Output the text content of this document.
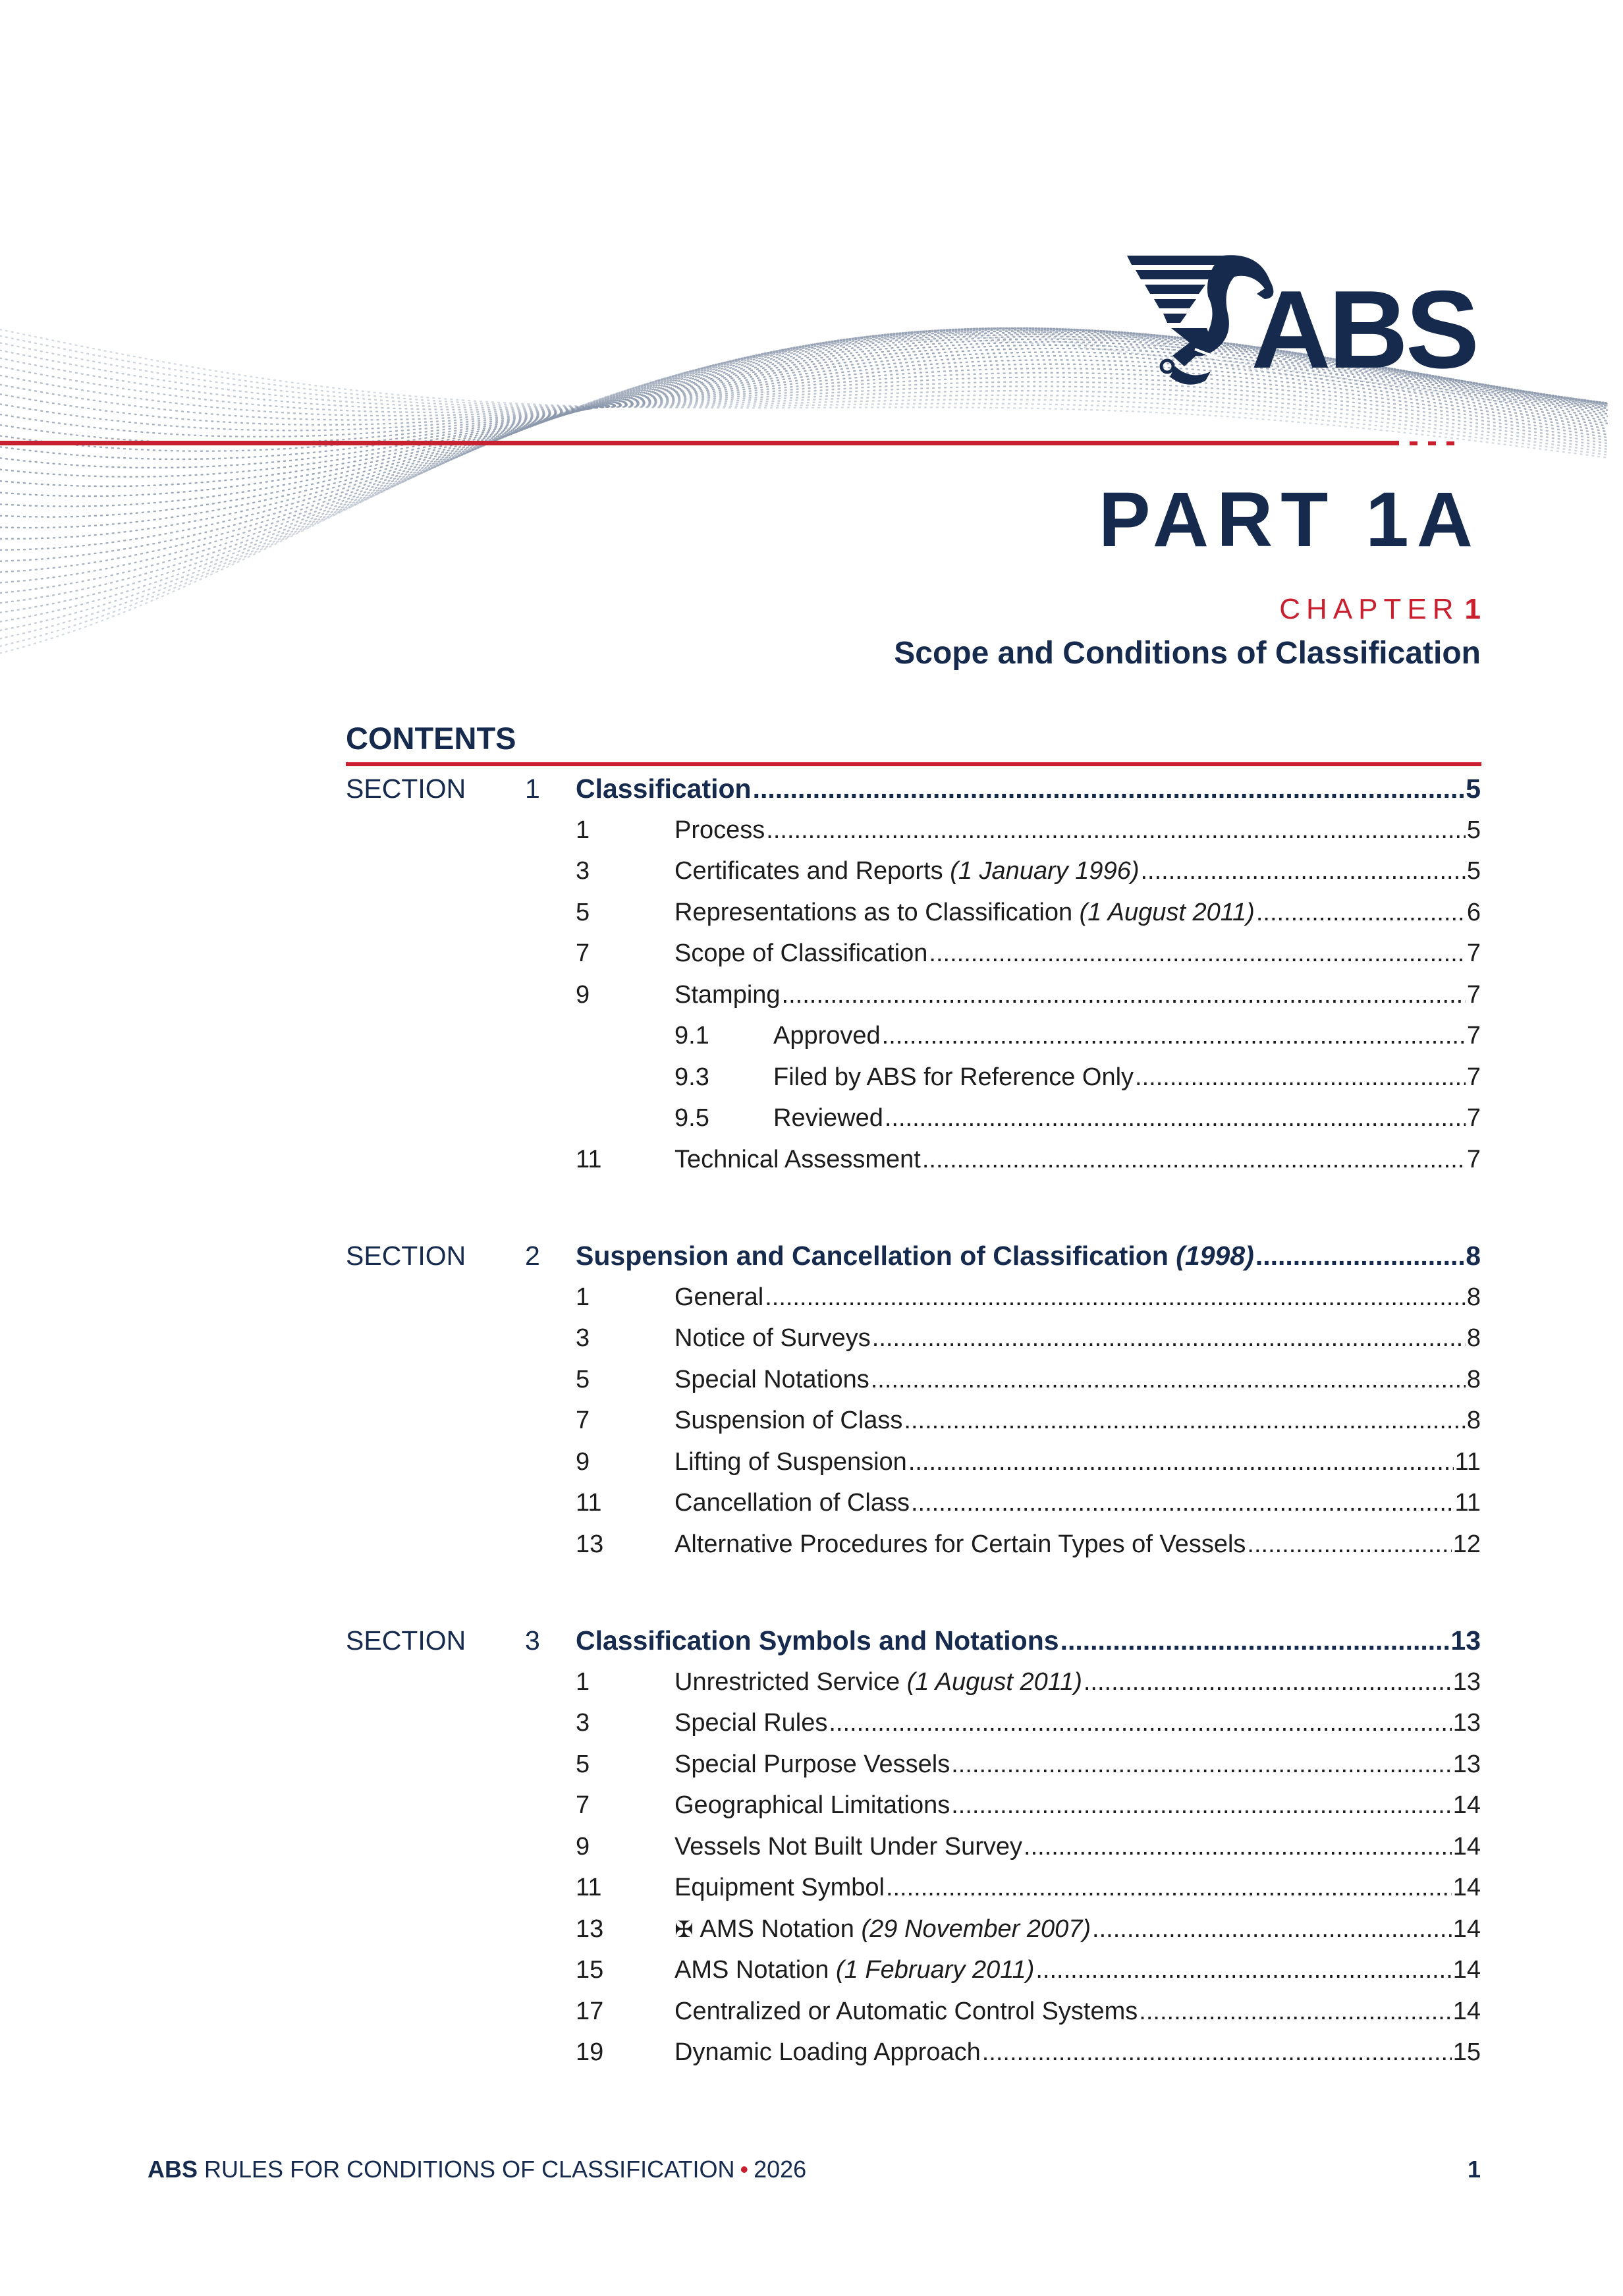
ABS
PART 1A
CHAPTER 1
Scope and Conditions of Classification
CONTENTS
SECTION 1 Classification .....	5
1	Process .....	5
3	Certificates and Reports (1 January 1996) .....	5
5	Representations as to Classification (1 August 2011) .....	6
7	Scope of Classification .....	7
9	Stamping .....	7
9.1	Approved .....	7
9.3	Filed by ABS for Reference Only .....	7
9.5	Reviewed .....	7
11	Technical Assessment .....	7
SECTION 2 Suspension and Cancellation of Classification (1998) .....	8
1	General .....	8
3	Notice of Surveys .....	8
5	Special Notations .....	8
7	Suspension of Class .....	8
9	Lifting of Suspension .....	11
11	Cancellation of Class .....	11
13	Alternative Procedures for Certain Types of Vessels .....	12
SECTION 3 Classification Symbols and Notations .....	13
1	Unrestricted Service (1 August 2011) .....	13
3	Special Rules .....	13
5	Special Purpose Vessels .....	13
7	Geographical Limitations .....	14
9	Vessels Not Built Under Survey .....	14
11	Equipment Symbol .....	14
13	✠ AMS Notation (29 November 2007) .....	14
15	AMS Notation (1 February 2011) .....	14
17	Centralized or Automatic Control Systems .....	14
19	Dynamic Loading Approach .....	15
ABS RULES FOR CONDITIONS OF CLASSIFICATION • 2026	1
